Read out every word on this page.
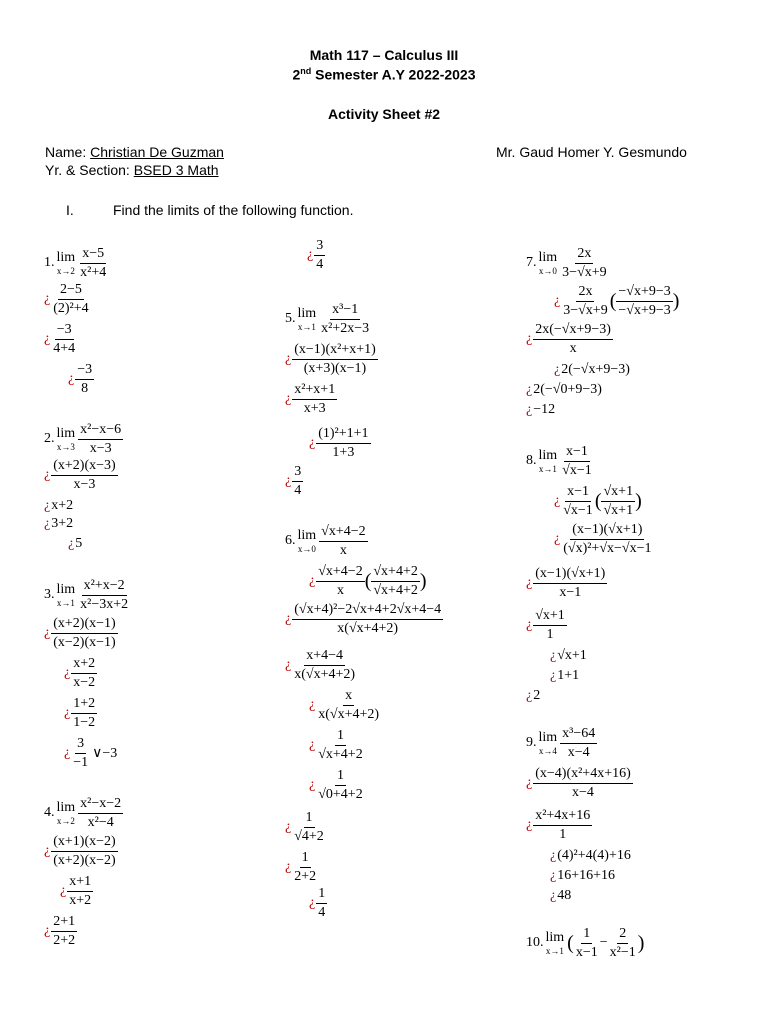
Math 117 – Calculus III
2nd Semester A.Y 2022-2023
Activity Sheet #2
Name: Christian De Guzman
Yr. & Section: BSED 3 Math
Mr. Gaud Homer Y. Gesmundo
I.	Find the limits of the following function.
1. lim
$x\to 2 \frac{x-5}{\text{x²+4}}$
¿ $\frac{2-5}{\text{(2)²+4}}$
¿ $\frac{-3}{4+4}$
¿ $\frac{-3}{8}$
2. lim
$x\to 3 \frac{\text{x²−x−6}}{x-3}$
¿ $\frac{(x+2)(x-3)}{x-3}$
¿x+2
¿3+2
¿5
3. lim
$x\to 1 \frac{\text{x²+x−2}}{\text{x²−3x+2}}$
¿ $\frac{(x+2)(x-1)}{(x-2)(x-1)}$
¿ $\frac{x+2}{x-2}$
¿ $\frac{1+2}{1-2}$
¿ $\frac{3}{-1}$ ∨−3
4. lim
$x\to 2 \frac{\text{x²−x−2}}{\text{x²−4}}$
¿ $\frac{(x+1)(x-2)}{(x+2)(x-2)}$
¿ $\frac{x+1}{x+2}$
¿ $\frac{2+1}{2+2}$
¿ $\frac{3}{4}$
5. lim
$x\to 1 \frac{\text{x³−1}}{\text{x²+2x−3}}$
¿ $\frac{\text{(x−1)(x²+x+1)}}{(x+3)(x-1)}$
¿ $\frac{\text{x²+x+1}}{x+3}$
¿ $\frac{\text{(1)²+1+1}}{1+3}$
¿ $\frac{3}{4}$
6. lim
$x\to 0 \frac{√x+4-2}{x}$
¿ $\frac{√x+4-2}{x}$ ( $\frac{√x+4+2}{√x+4+2}$ )
¿ $\frac{\text{(√x+4)²−2√x+4+2√x+4−4}}{x(√x+4+2)}$
¿ $\frac{x+4-4}{x(√x+4+2)}$
¿ $\frac{x}{x(√x+4+2)}$
¿ $\frac{1}{√x+4+2}$
¿ $\frac{1}{√0+4+2}$
¿ $\frac{1}{√4+2}$
¿ $\frac{1}{2+2}$
¿ $\frac{1}{4}$
7. lim
$x\to 0 \frac{2x}{3-√x+9}$
¿ $\frac{2x}{3-√x+9}$ ( $\frac{-√x+9-3}{-√x+9-3}$ )
¿ $\frac{2x(-√x+9-3)}{x}$
¿2(−√x+9−3)
¿2(−√0+9−3)
¿−12
8. lim
$x\to 1 \frac{x-1}{√x-1}$
¿ $\frac{x-1}{√x-1}$ ( $\frac{√x+1}{√x+1}$ )
¿ $\frac{(x-1)(√x+1)}{\text{(√x)²+√x−√x−1}}$
¿ $\frac{(x-1)(√x+1)}{x-1}$
¿ $\frac{√x+1}{1}$
¿√x+1
¿1+1
¿2
9. lim
$x\to 4 \frac{\text{x³−64}}{x-4}$
¿ $\frac{\text{(x−4)(x²+4x+16)}}{x-4}$
¿ $\frac{\text{x²+4x+16}}{1}$
¿(4)²+4(4)+16
¿16+16+16
¿48
10. lim
x→1 ( $\frac{1}{x-1} - \frac{2}{\text{x²−1}}$ )
